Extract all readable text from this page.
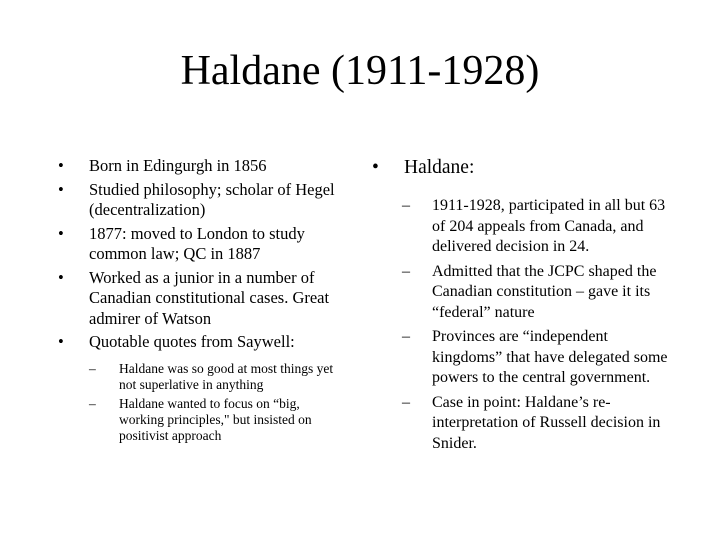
Haldane (1911-1928)
•	Born in Edingurgh in 1856
•	Studied philosophy; scholar of Hegel (decentralization)
•	1877: moved to London to study common law; QC in 1887
•	Worked as a junior in a number of Canadian constitutional cases. Great admirer of Watson
•	Quotable quotes from Saywell:
– Haldane was so good at most things yet not superlative in anything
– Haldane wanted to focus on “big, working principles," but insisted on positivist approach
• Haldane:
– 1911-1928, participated in all but 63 of 204 appeals from Canada, and delivered decision in 24.
– Admitted that the JCPC shaped the Canadian constitution – gave it its “federal” nature
– Provinces are “independent kingdoms” that have delegated some powers to the central government.
– Case in point: Haldane’s re-interpretation of Russell decision in Snider.
